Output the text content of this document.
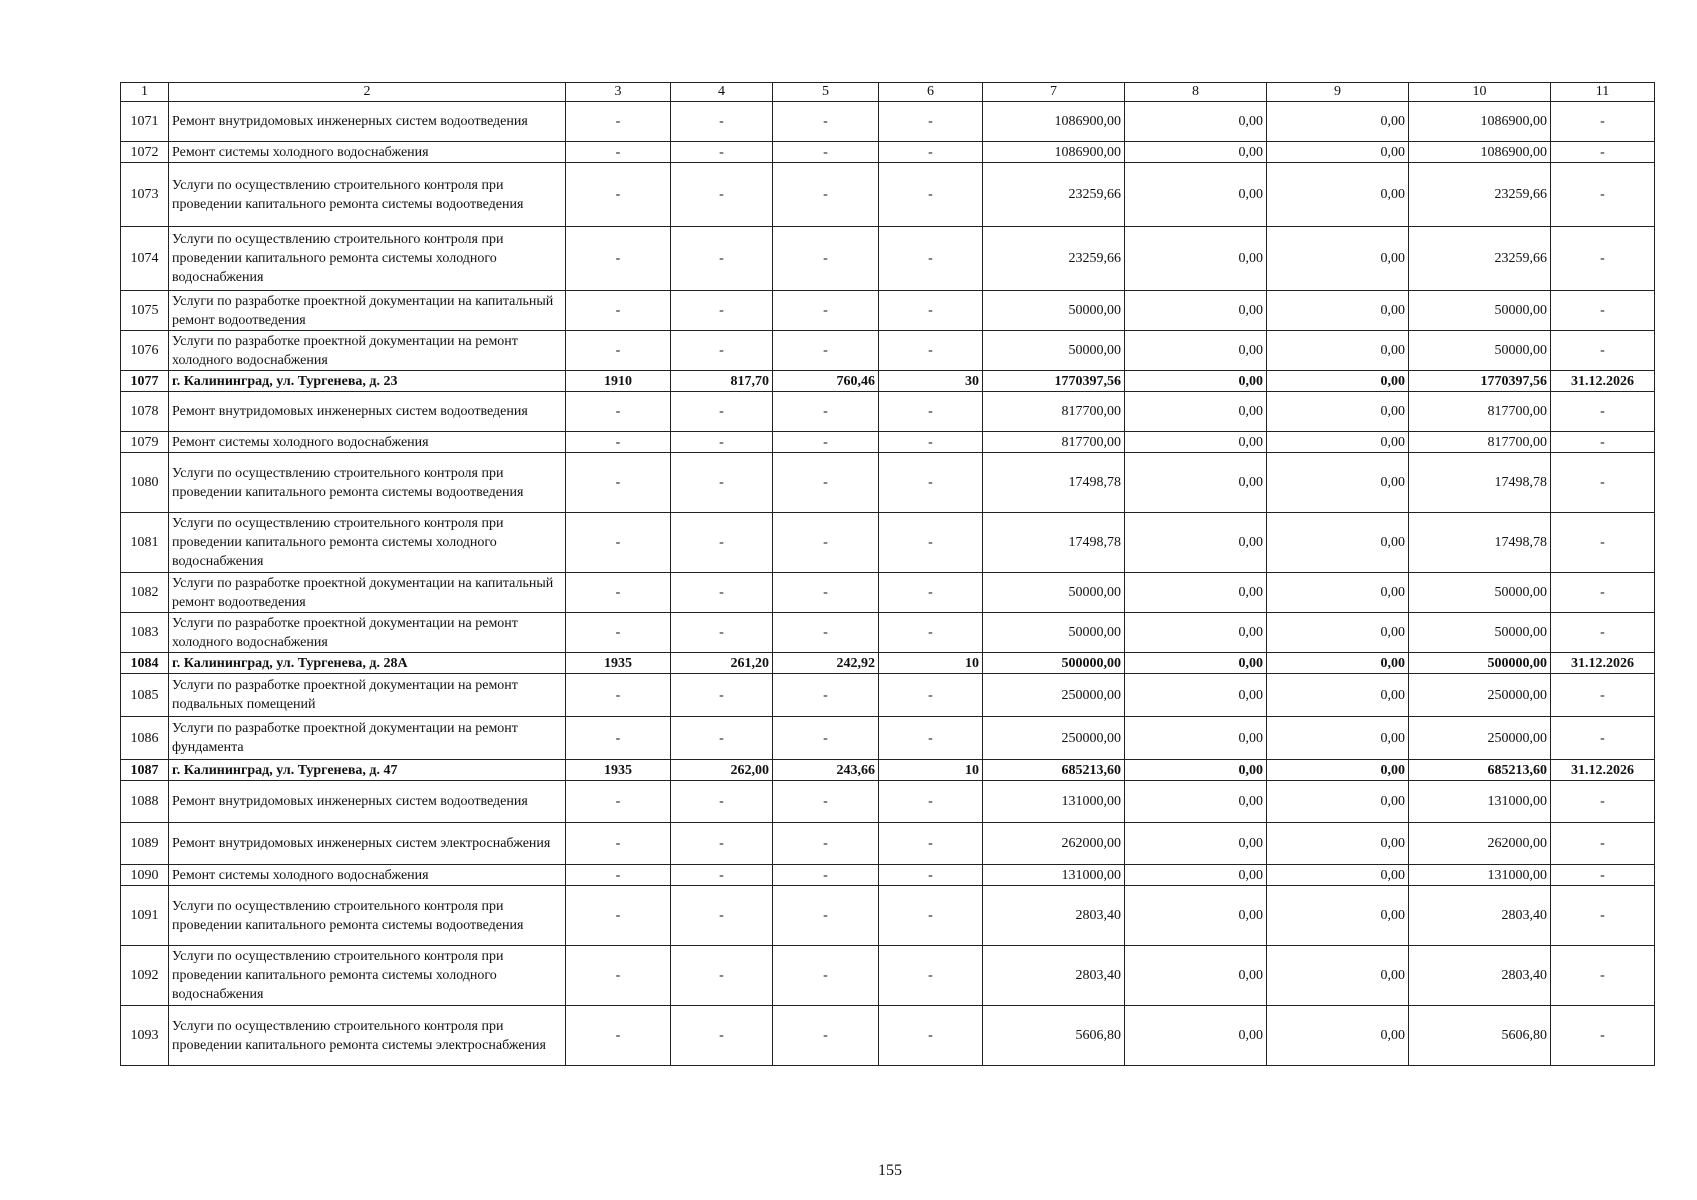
1	2	3	4	5	6	7	8	9	10	11
1071	Ремонт внутридомовых инженерных систем водоотведения	-	-	-	-	1086900,00	0,00	0,00	1086900,00	-
1072	Ремонт системы холодного водоснабжения	-	-	-	-	1086900,00	0,00	0,00	1086900,00	-
1073	Услуги по осуществлению строительного контроля при проведении капитального ремонта системы водоотведения	-	-	-	-	23259,66	0,00	0,00	23259,66	-
1074	Услуги по осуществлению строительного контроля при проведении капитального ремонта системы холодного водоснабжения	-	-	-	-	23259,66	0,00	0,00	23259,66	-
1075	Услуги по разработке проектной документации на капитальный ремонт водоотведения	-	-	-	-	50000,00	0,00	0,00	50000,00	-
1076	Услуги по разработке проектной документации на ремонт холодного водоснабжения	-	-	-	-	50000,00	0,00	0,00	50000,00	-
1077	г. Калининград, ул. Тургенева, д. 23	1910	817,70	760,46	30	1770397,56	0,00	0,00	1770397,56	31.12.2026
1078	Ремонт внутридомовых инженерных систем водоотведения	-	-	-	-	817700,00	0,00	0,00	817700,00	-
1079	Ремонт системы холодного водоснабжения	-	-	-	-	817700,00	0,00	0,00	817700,00	-
1080	Услуги по осуществлению строительного контроля при проведении капитального ремонта системы водоотведения	-	-	-	-	17498,78	0,00	0,00	17498,78	-
1081	Услуги по осуществлению строительного контроля при проведении капитального ремонта системы холодного водоснабжения	-	-	-	-	17498,78	0,00	0,00	17498,78	-
1082	Услуги по разработке проектной документации на капитальный ремонт водоотведения	-	-	-	-	50000,00	0,00	0,00	50000,00	-
1083	Услуги по разработке проектной документации на ремонт холодного водоснабжения	-	-	-	-	50000,00	0,00	0,00	50000,00	-
1084	г. Калининград, ул. Тургенева, д. 28А	1935	261,20	242,92	10	500000,00	0,00	0,00	500000,00	31.12.2026
1085	Услуги по разработке проектной документации на ремонт подвальных помещений	-	-	-	-	250000,00	0,00	0,00	250000,00	-
1086	Услуги по разработке проектной документации на ремонт фундамента	-	-	-	-	250000,00	0,00	0,00	250000,00	-
1087	г. Калининград, ул. Тургенева, д. 47	1935	262,00	243,66	10	685213,60	0,00	0,00	685213,60	31.12.2026
1088	Ремонт внутридомовых инженерных систем водоотведения	-	-	-	-	131000,00	0,00	0,00	131000,00	-
1089	Ремонт внутридомовых инженерных систем электроснабжения	-	-	-	-	262000,00	0,00	0,00	262000,00	-
1090	Ремонт системы холодного водоснабжения	-	-	-	-	131000,00	0,00	0,00	131000,00	-
1091	Услуги по осуществлению строительного контроля при проведении капитального ремонта системы водоотведения	-	-	-	-	2803,40	0,00	0,00	2803,40	-
1092	Услуги по осуществлению строительного контроля при проведении капитального ремонта системы холодного водоснабжения	-	-	-	-	2803,40	0,00	0,00	2803,40	-
1093	Услуги по осуществлению строительного контроля при проведении капитального ремонта системы электроснабжения	-	-	-	-	5606,80	0,00	0,00	5606,80	-
155
